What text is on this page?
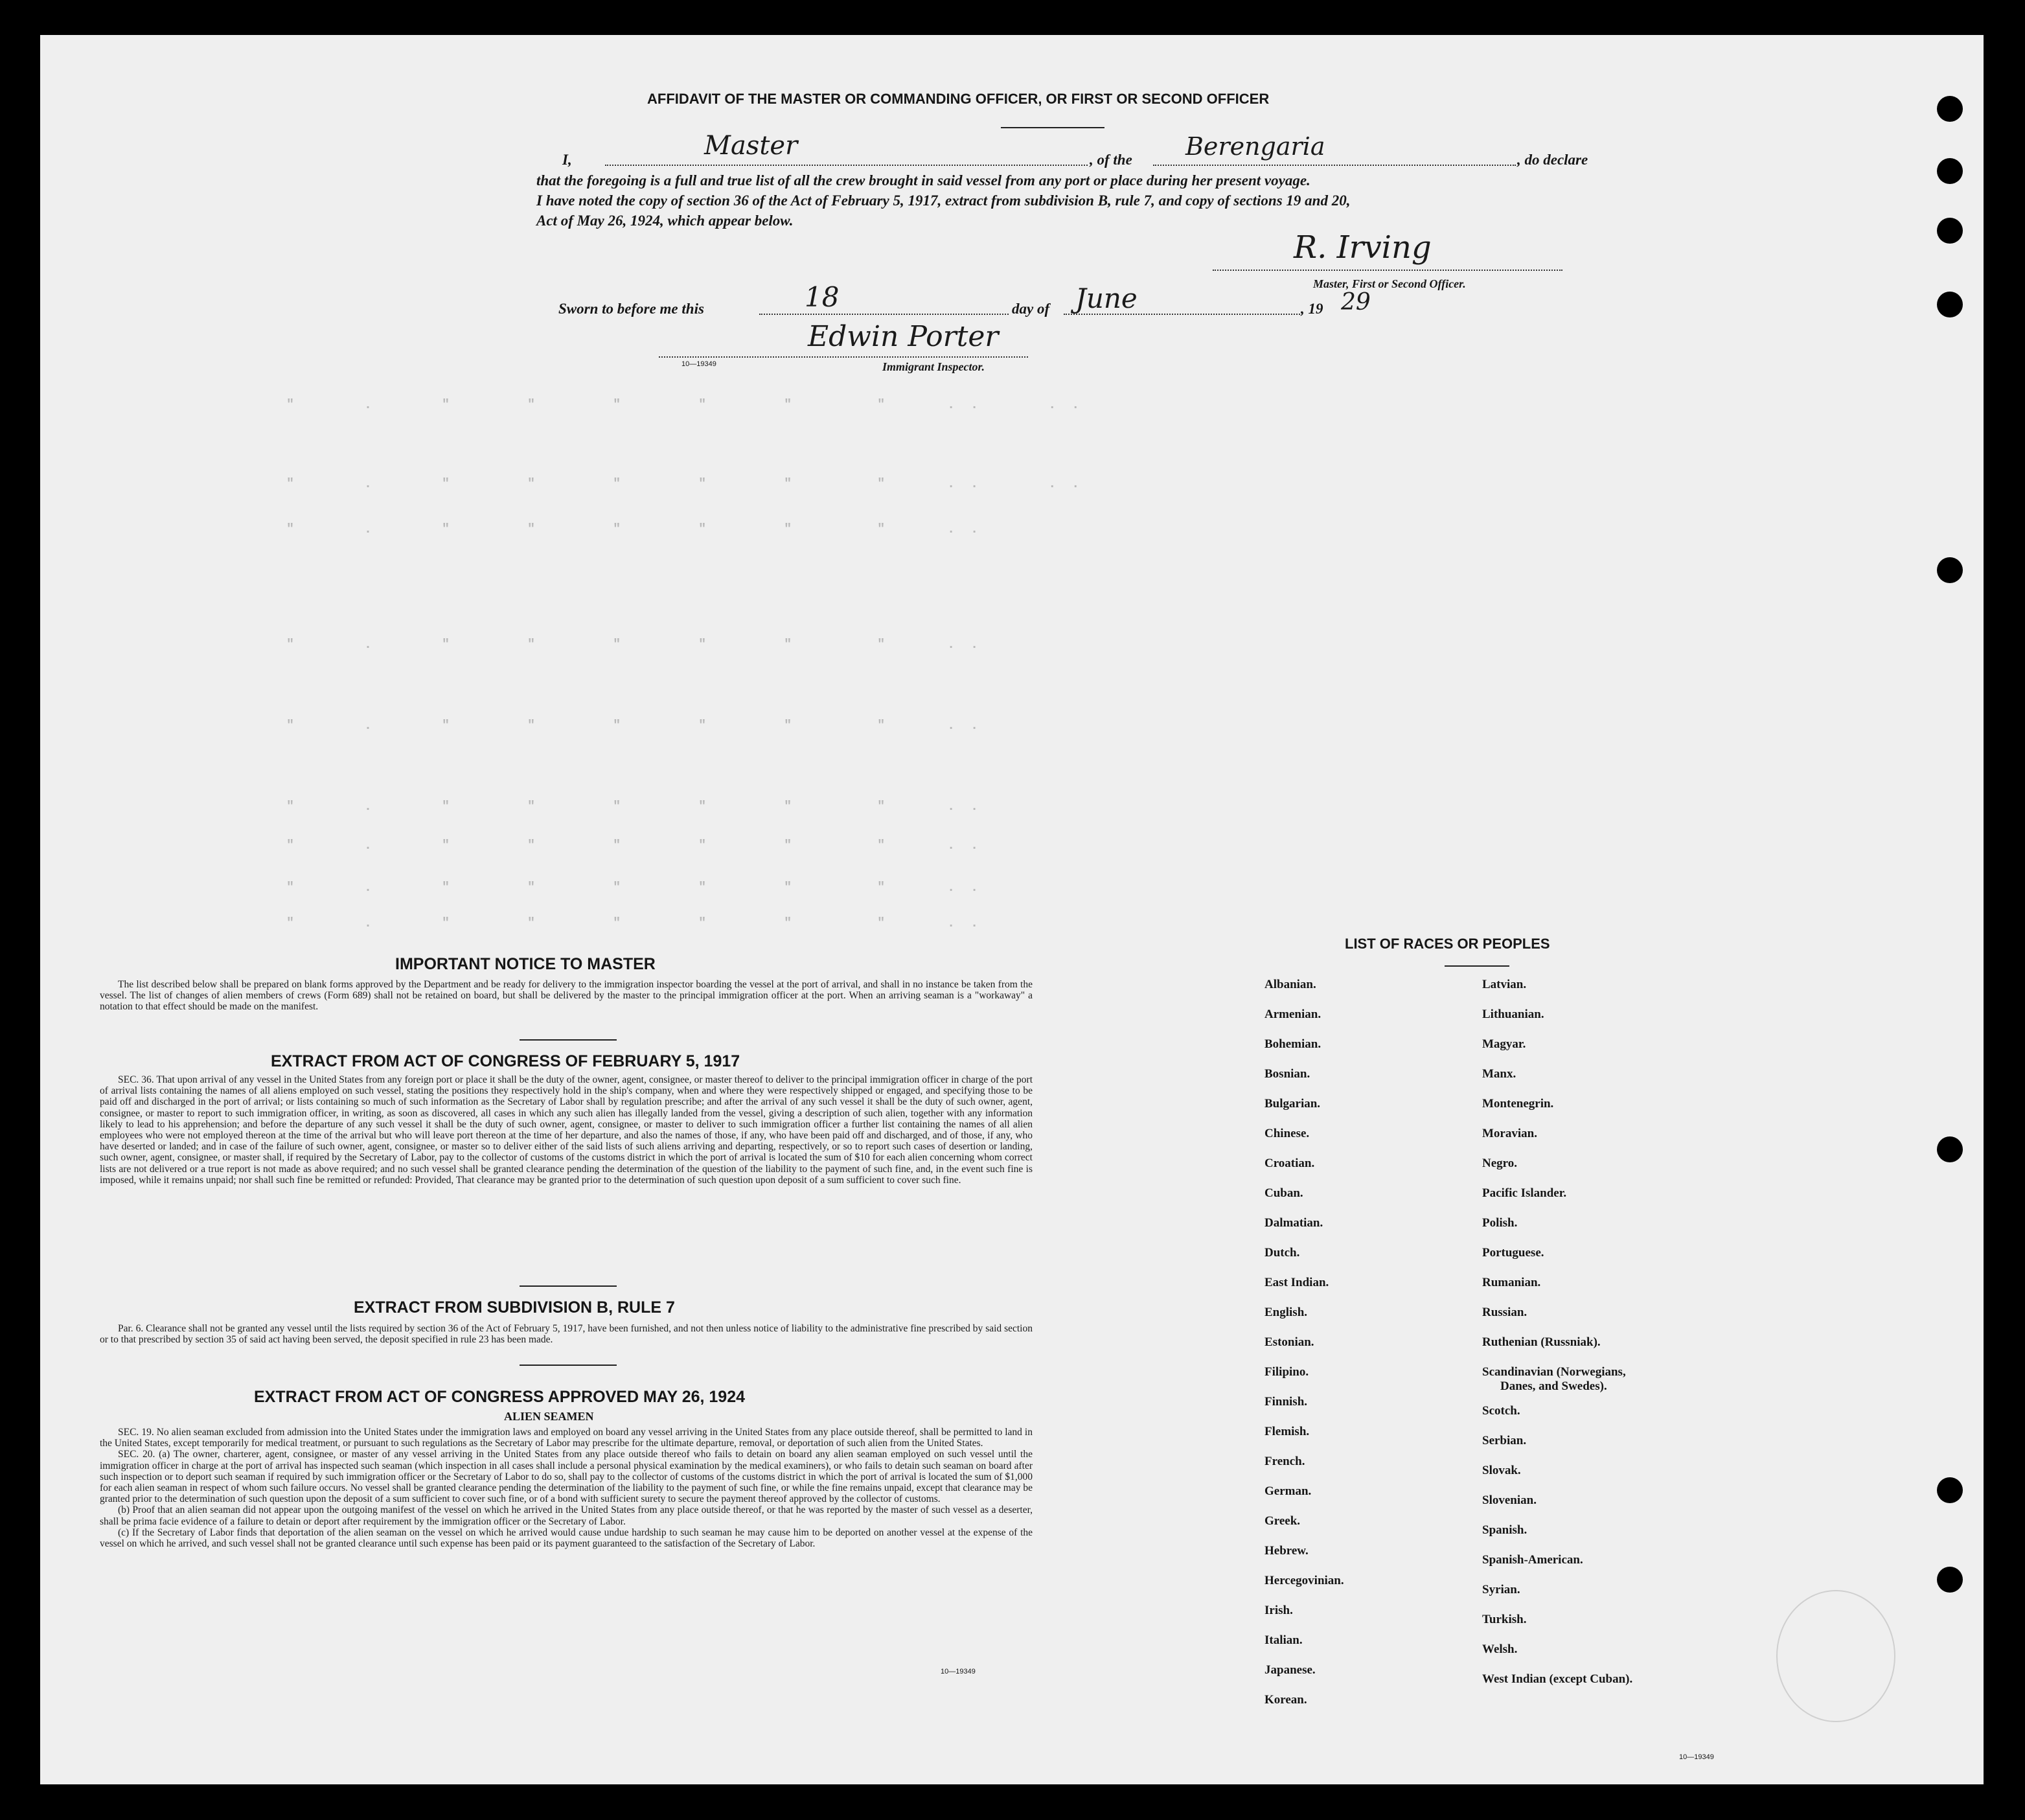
"         .         "          "          "          "          "           "        .  .         .  .
"         .         "          "          "          "          "           "        .  .         .  .
"         .         "          "          "          "          "           "        .  .
"         .         "          "          "          "          "           "        .  .
"         .         "          "          "          "          "           "        .  .
"         .         "          "          "          "          "           "        .  .
"         .         "          "          "          "          "           "        .  .
"         .         "          "          "          "          "           "        .  .
"         .         "          "          "          "          "           "        .  .
AFFIDAVIT OF THE MASTER OR COMMANDING OFFICER, OR FIRST OR SECOND OFFICER
I,	Master	, of the Berengaria	, do declare
that the foregoing is a full and true list of all the crew brought in said vessel from any port or place during her present voyage.
I have noted the copy of section 36 of the Act of February 5, 1917, extract from subdivision B, rule 7, and copy of sections 19 and 20,
Act of May 26, 1924, which appear below.
R. Irving
Master, First or Second Officer.
Sworn to before me this	18	day of June	, 19 29
10—19349
Edwin Porter
Immigrant Inspector.
IMPORTANT NOTICE TO MASTER

The list described below shall be prepared on blank forms approved by the Department and be ready for delivery to the immigration inspector boarding the vessel at the port of arrival, and shall in no instance be taken from the vessel. The list of changes of alien members of crews (Form 689) shall not be retained on board, but shall be delivered by the master to the principal immigration officer at the port. When an arriving seaman is a "workaway" a notation to that effect should be made on the manifest.

EXTRACT FROM ACT OF CONGRESS OF FEBRUARY 5, 1917

SEC. 36. That upon arrival of any vessel in the United States from any foreign port or place it shall be the duty of the owner, agent, consignee, or master thereof to deliver to the principal immigration officer in charge of the port of arrival lists containing the names of all aliens employed on such vessel, stating the positions they respectively hold in the ship's company, when and where they were respectively shipped or engaged, and specifying those to be paid off and discharged in the port of arrival; or lists containing so much of such information as the Secretary of Labor shall by regulation prescribe; and after the arrival of any such vessel it shall be the duty of such owner, agent, consignee, or master to report to such immigration officer, in writing, as soon as discovered, all cases in which any such alien has illegally landed from the vessel, giving a description of such alien, together with any information likely to lead to his apprehension; and before the departure of any such vessel it shall be the duty of such owner, agent, consignee, or master to deliver to such immigration officer a further list containing the names of all alien employees who were not employed thereon at the time of the arrival but who will leave port thereon at the time of her departure, and also the names of those, if any, who have been paid off and discharged, and of those, if any, who have deserted or landed; and in case of the failure of such owner, agent, consignee, or master so to deliver either of the said lists of such aliens arriving and departing, respectively, or so to report such cases of desertion or landing, such owner, agent, consignee, or master shall, if required by the Secretary of Labor, pay to the collector of customs of the customs district in which the port of arrival is located the sum of $10 for each alien concerning whom correct lists are not delivered or a true report is not made as above required; and no such vessel shall be granted clearance pending the determination of the question of the liability to the payment of such fine, and, in the event such fine is imposed, while it remains unpaid; nor shall such fine be remitted or refunded: Provided, That clearance may be granted prior to the determination of such question upon deposit of a sum sufficient to cover such fine.

EXTRACT FROM SUBDIVISION B, RULE 7

Par. 6. Clearance shall not be granted any vessel until the lists required by section 36 of the Act of February 5, 1917, have been furnished, and not then unless notice of liability to the administrative fine prescribed by said section or to that prescribed by section 35 of said act having been served, the deposit specified in rule 23 has been made.

EXTRACT FROM ACT OF CONGRESS APPROVED MAY 26, 1924
ALIEN SEAMEN

SEC. 19. No alien seaman excluded from admission into the United States under the immigration laws and employed on board any vessel arriving in the United States from any place outside thereof, shall be permitted to land in the United States, except temporarily for medical treatment, or pursuant to such regulations as the Secretary of Labor may prescribe for the ultimate departure, removal, or deportation of such alien from the United States.

SEC. 20. (a) The owner, charterer, agent, consignee, or master of any vessel arriving in the United States from any place outside thereof who fails to detain on board any alien seaman employed on such vessel until the immigration officer in charge at the port of arrival has inspected such seaman (which inspection in all cases shall include a personal physical examination by the medical examiners), or who fails to detain such seaman on board after such inspection or to deport such seaman if required by such immigration officer or the Secretary of Labor to do so, shall pay to the collector of customs of the customs district in which the port of arrival is located the sum of $1,000 for each alien seaman in respect of whom such failure occurs. No vessel shall be granted clearance pending the determination of the liability to the payment of such fine, or while the fine remains unpaid, except that clearance may be granted prior to the determination of such question upon the deposit of a sum sufficient to cover such fine, or of a bond with sufficient surety to secure the payment thereof approved by the collector of customs.

(b) Proof that an alien seaman did not appear upon the outgoing manifest of the vessel on which he arrived in the United States from any place outside thereof, or that he was reported by the master of such vessel as a deserter, shall be prima facie evidence of a failure to detain or deport after requirement by the immigration officer or the Secretary of Labor.

(c) If the Secretary of Labor finds that deportation of the alien seaman on the vessel on which he arrived would cause undue hardship to such seaman he may cause him to be deported on another vessel at the expense of the vessel on which he arrived, and such vessel shall not be granted clearance until such expense has been paid or its payment guaranteed to the satisfaction of the Secretary of Labor.

10—19349
LIST OF RACES OR PEOPLES
10—19349
Albanian.
Armenian.
Bohemian.
Bosnian.
Bulgarian.
Chinese.
Croatian.
Cuban.
Dalmatian.
Dutch.
East Indian.
English.
Estonian.
Filipino.
Finnish.
Flemish.
French.
German.
Greek.
Hebrew.
Hercegovinian.
Irish.
Italian.
Japanese.
Korean.
Latvian.
Lithuanian.
Magyar.
Manx.
Montenegrin.
Moravian.
Negro.
Pacific Islander.
Polish.
Portuguese.
Rumanian.
Russian.
Ruthenian (Russniak).
Scandinavian (Norwegians,
Danes, and Swedes).
Scotch.
Serbian.
Slovak.
Slovenian.
Spanish.
Spanish-American.
Syrian.
Turkish.
Welsh.
West Indian (except Cuban).
